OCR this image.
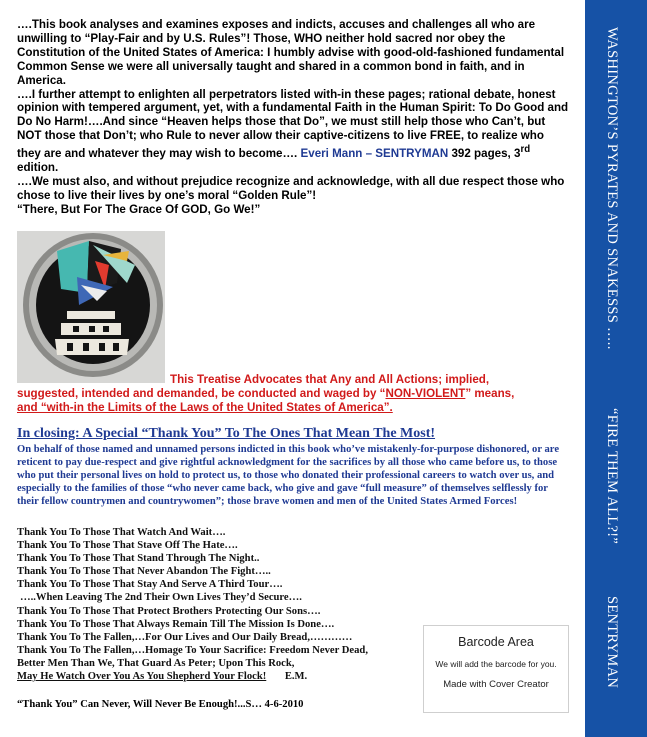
….This book analyses and examines exposes and indicts, accuses and challenges all who are unwilling to “Play-Fair and by U.S. Rules”! Those, WHO neither hold sacred nor obey the Constitution of the United States of America: I humbly advise with good-old-fashioned fundamental Common Sense we were all universally taught and shared in a common bond in faith, and in America.

….I further attempt to enlighten all perpetrators listed with-in these pages; rational debate, honest opinion with tempered argument, yet, with a fundamental Faith in the Human Spirit: To Do Good and Do No Harm!….And since “Heaven helps those that Do”, we must still help those who Can’t, but NOT those that Don’t; who Rule to never allow their captive-citizens to live FREE, to realize who they are and whatever they may wish to become…. Everi Mann – SENTRYMAN 392 pages, 3rd edition.

….We must also, and without prejudice recognize and acknowledge, with all due respect those who chose to live their lives by one’s moral “Golden Rule”!

“There, But For The Grace Of GOD, Go We!”

This Treatise Advocates that Any and All Actions; implied,
suggested, intended and demanded, be conducted and waged by “NON-VIOLENT” means,
and “with-in the Limits of the Laws of the United States of America”.

In closing: A Special “Thank You” To The Ones That Mean The Most!

On behalf of those named and unnamed persons indicted in this book who’ve mistakenly-for-purpose dishonored, or are reticent to pay due-respect and give rightful acknowledgment for the sacrifices by all those who came before us, to those who put their personal lives on hold to protect us, to those who donated their professional careers to watch over us, and especially to the families of those “who never came back, who give and gave “full measure” of themselves selflessly for their fellow countrymen and countrywomen”; those brave women and men of the United States Armed Forces!

Thank You To Those That Watch And Wait….
Thank You To Those That Stave Off The Hate….
Thank You To Those That Stand Through The Night..
Thank You To Those That Never Abandon The Fight…..
Thank You To Those That Stay And Serve A Third Tour….
…..When Leaving The 2nd Their Own Lives They’d Secure….
Thank You To Those That Protect Brothers Protecting Our Sons….
Thank You To Those That Always Remain Till The Mission Is Done….
Thank You To The Fallen,…For Our Lives and Our Daily Bread,…………
Thank You To The Fallen,…Homage To Your Sacrifice: Freedom Never Dead,
Better Men Than We, That Guard As Peter; Upon This Rock,
May He Watch Over You As You Shepherd Your Flock! E.M.

“Thank You” Can Never, Will Never Be Enough!...S… 4-6-2010

Barcode Area
We will add the barcode for you.
Made with Cover Creator

WASHINGTON’S PYRATES AND SNAKESSS ….. “FIRE THEM ALL?!” SENTRYMAN
